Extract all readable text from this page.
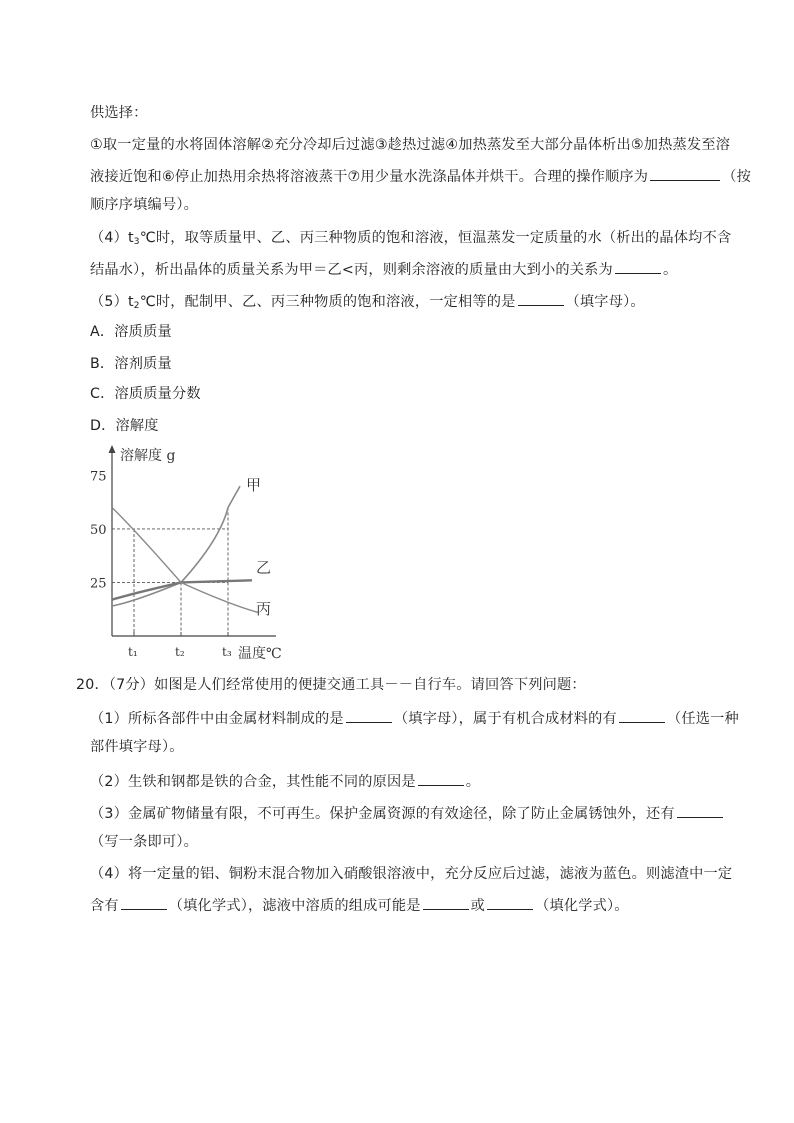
供选择：
①取一定量的水将固体溶解②充分冷却后过滤③趁热过滤④加热蒸发至大部分晶体析出⑤加热蒸发至溶
液接近饱和⑥停止加热用余热将溶液蒸干⑦用少量水洗涤晶体并烘干。合理的操作顺序为	（按
顺序序填编号）。
$(4)t_3℃$时，取等质量甲、乙、丙三种物质的饱和溶液，恒温蒸发一定质量的水（析出的晶体均不含
结晶水），析出晶体的质量关系为甲＝乙<丙，则剩余溶液的质量由大到小的关系为	。
$(5)t_2℃$时，配制甲、乙、丙三种物质的饱和溶液，一定相等的是	（填字母）。
A．溶质质量
B．溶剂质量
C．溶质质量分数
D．溶解度
溶解度 g
温度℃
75
50
25
t₁	t₂	t₃
甲
乙
丙
20．（7分）如图是人们经常使用的便捷交通工具－－自行车。请回答下列问题：
（1）所标各部件中由金属材料制成的是	（填字母），属于有机合成材料的有	（任选一种
部件填字母）。
（2）生铁和钢都是铁的合金，其性能不同的原因是	。
（3）金属矿物储量有限，不可再生。保护金属资源的有效途径，除了防止金属锈蚀外，还有
（写一条即可）。
（4）将一定量的铝、铜粉末混合物加入硝酸银溶液中，充分反应后过滤，滤液为蓝色。则滤渣中一定
含有	（填化学式），滤液中溶质的组成可能是	或	（填化学式）。
